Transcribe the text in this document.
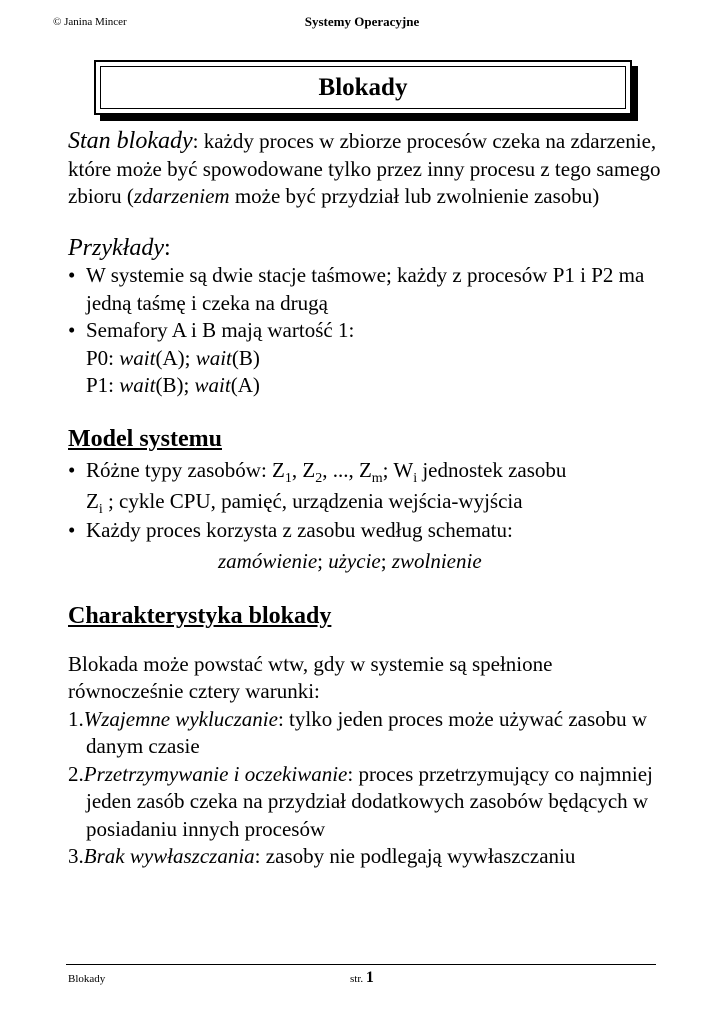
© Janina Mincer	Systemy Operacyjne
Blokady

Stan blokady: każdy proces w zbiorze procesów czeka na zdarzenie, które może być spowodowane tylko przez inny procesu z tego samego zbioru (zdarzeniem może być przydział lub zwolnienie zasobu)

Przykłady:

• W systemie są dwie stacje taśmowe; każdy z procesów P1 i P2 ma jedną taśmę i czeka na drugą

• Semafory A i B mają wartość 1:

P0: wait(A); wait(B)

P1: wait(B); wait(A)

Model systemu

• Różne typy zasobów: $Z_1$, $Z_2$, ..., $Z_m$; $W_i$ jednostek zasobu
$Z_i$ ; cykle CPU, pamięć, urządzenia wejścia-wyjścia

• Każdy proces korzysta z zasobu według schematu:

zamówienie; użycie; zwolnienie

Charakterystyka blokady

Blokada może powstać wtw, gdy w systemie są spełnione równocześnie cztery warunki:

1.Wzajemne wykluczanie: tylko jeden proces może używać zasobu w danym czasie

2.Przetrzymywanie i oczekiwanie: proces przetrzymujący co najmniej jeden zasób czeka na przydział dodatkowych zasobów będących w posiadaniu innych procesów

3.Brak wywłaszczania: zasoby nie podlegają wywłaszczaniu

Blokady	str. 1
